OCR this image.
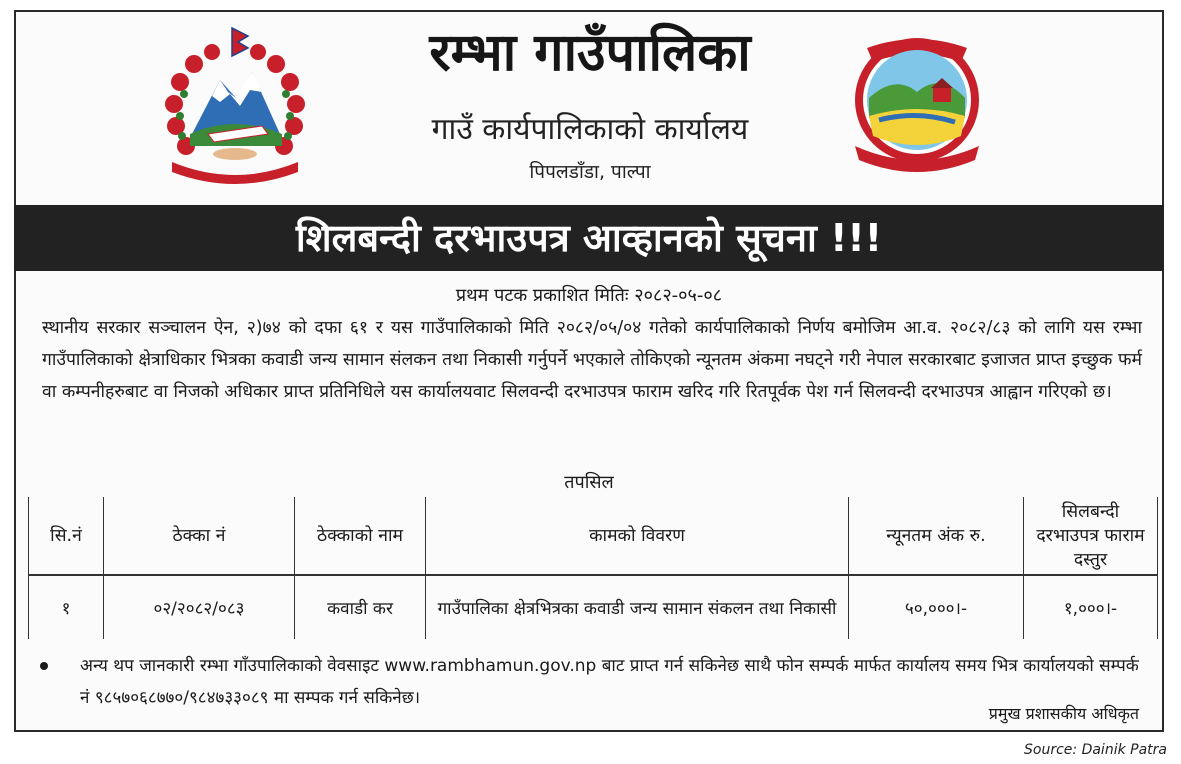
रम्भा गाउँपालिका
गाउँ कार्यपालिकाको कार्यालय
पिपलडाँडा, पाल्पा
शिलबन्दी दरभाउपत्र आव्हानको सूचना !!!
प्रथम पटक प्रकाशित मितिः २०८२-०५-०८
स्थानीय सरकार सञ्चालन ऐन, २)७४ को दफा ६१ र यस गाउँपालिकाको मिति २०८२/०५/०४ गतेको कार्यपालिकाको निर्णय बमोजिम आ.व. २०८२/८३ को लागि यस रम्भा गाउँपालिकाको क्षेत्राधिकार भित्रका कवाडी जन्य सामान संलकन तथा निकासी गर्नुपर्ने भएकाले तोकिएको न्यूनतम अंकमा नघट्ने गरी नेपाल सरकारबाट इजाजत प्राप्त इच्छुक फर्म वा कम्पनीहरुबाट वा निजको अधिकार प्राप्त प्रतिनिधिले यस कार्यालयवाट सिलवन्दी दरभाउपत्र फाराम खरिद गरि रितपूर्वक पेश गर्न सिलवन्दी दरभाउपत्र आह्वान गरिएको छ।
तपसिल
सि.नं	ठेक्का नं	ठेक्काको नाम	कामको विवरण	न्यूनतम अंक रु.	सिलबन्दी दरभाउपत्र फाराम दस्तुर
१	०२/२०८२/०८३	कवाडी कर	गाउँपालिका क्षेत्रभित्रका कवाडी जन्य सामान संकलन तथा निकासी	५०,०००।-	१,०००।-
अन्य थप जानकारी रम्भा गाँउपालिकाको वेवसाइट www.rambhamun.gov.np बाट प्राप्त गर्न सकिनेछ साथै फोन सम्पर्क मार्फत कार्यालय समय भित्र कार्यालयको सम्पर्क नं ९८५७०६८७७०/९८४७३३०८९ मा सम्पक गर्न सकिनेछ।
प्रमुख प्रशासकीय अधिकृत
Source: Dainik Patra
